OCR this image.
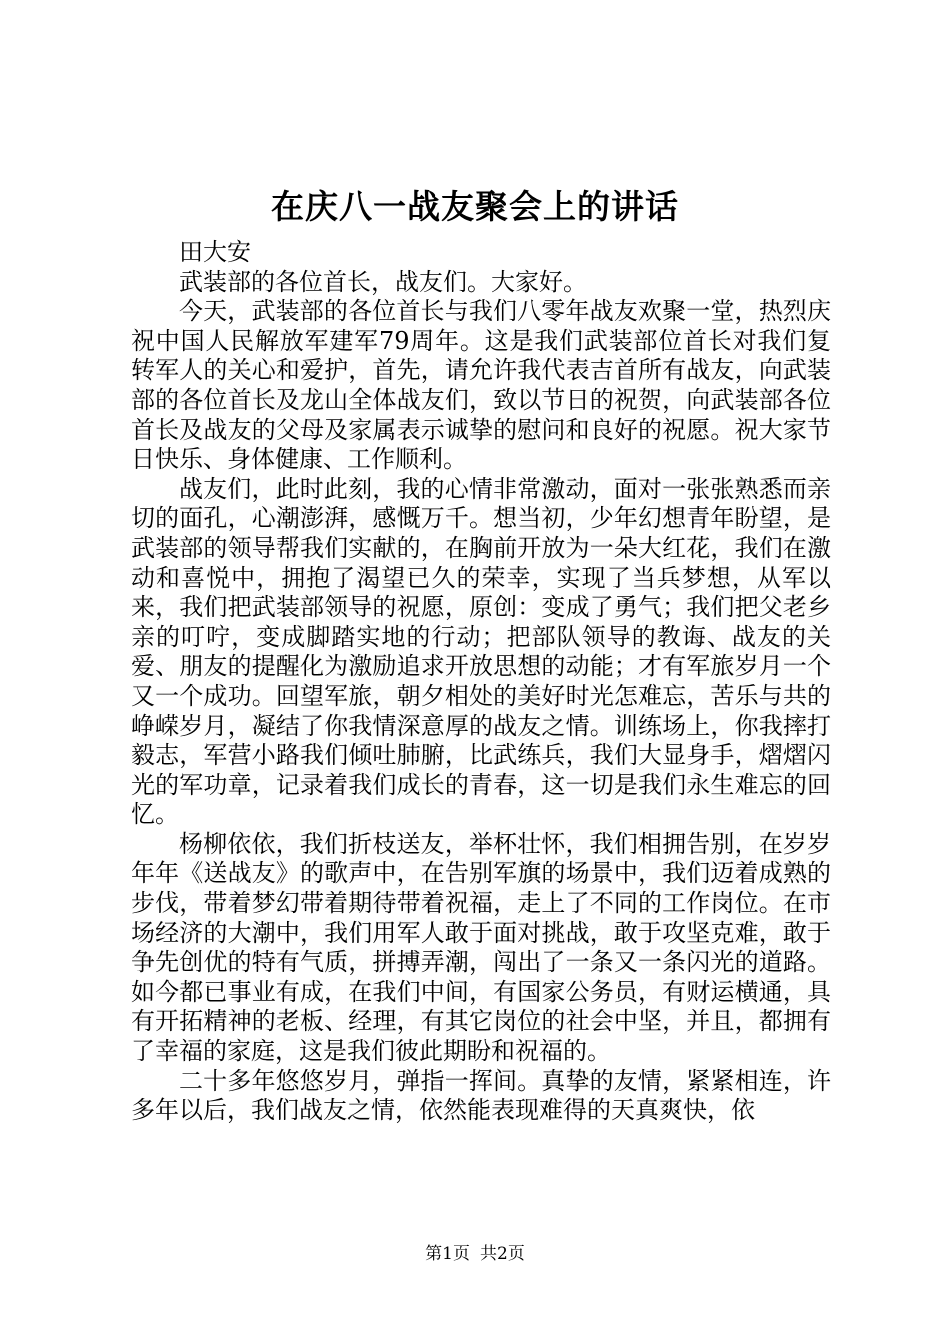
在庆八一战友聚会上的讲话

田大安

武装部的各位首长，战友们。大家好。

今天，武装部的各位首长与我们八零年战友欢聚一堂，热烈庆祝中国人民解放军建军79周年。这是我们武装部位首长对我们复转军人的关心和爱护，首先，请允许我代表吉首所有战友，向武装部的各位首长及龙山全体战友们，致以节日的祝贺，向武装部各位首长及战友的父母及家属表示诚挚的慰问和良好的祝愿。祝大家节日快乐、身体健康、工作顺利。

战友们，此时此刻，我的心情非常激动，面对一张张熟悉而亲切的面孔，心潮澎湃，感慨万千。想当初，少年幻想青年盼望，是武装部的领导帮我们实献的，在胸前开放为一朵大红花，我们在激动和喜悦中，拥抱了渴望已久的荣幸，实现了当兵梦想，从军以来，我们把武装部领导的祝愿，原创：变成了勇气；我们把父老乡亲的叮咛，变成脚踏实地的行动；把部队领导的教诲、战友的关爱、朋友的提醒化为激励追求开放思想的动能；才有军旅岁月一个又一个成功。回望军旅，朝夕相处的美好时光怎难忘，苦乐与共的峥嵘岁月，凝结了你我情深意厚的战友之情。训练场上，你我摔打毅志，军营小路我们倾吐肺腑，比武练兵，我们大显身手，熠熠闪光的军功章，记录着我们成长的青春，这一切是我们永生难忘的回忆。

杨柳依依，我们折枝送友，举杯壮怀，我们相拥告别，在岁岁年年《送战友》的歌声中，在告别军旗的场景中，我们迈着成熟的步伐，带着梦幻带着期待带着祝福，走上了不同的工作岗位。在市场经济的大潮中，我们用军人敢于面对挑战，敢于攻坚克难，敢于争先创优的特有气质，拼搏弄潮，闯出了一条又一条闪光的道路。如今都已事业有成，在我们中间，有国家公务员，有财运横通，具有开拓精神的老板、经理，有其它岗位的社会中坚，并且，都拥有了幸福的家庭，这是我们彼此期盼和祝福的。

二十多年悠悠岁月，弹指一挥间。真挚的友情，紧紧相连，许多年以后，我们战友之情，依然能表现难得的天真爽快，依

第1页 共2页
